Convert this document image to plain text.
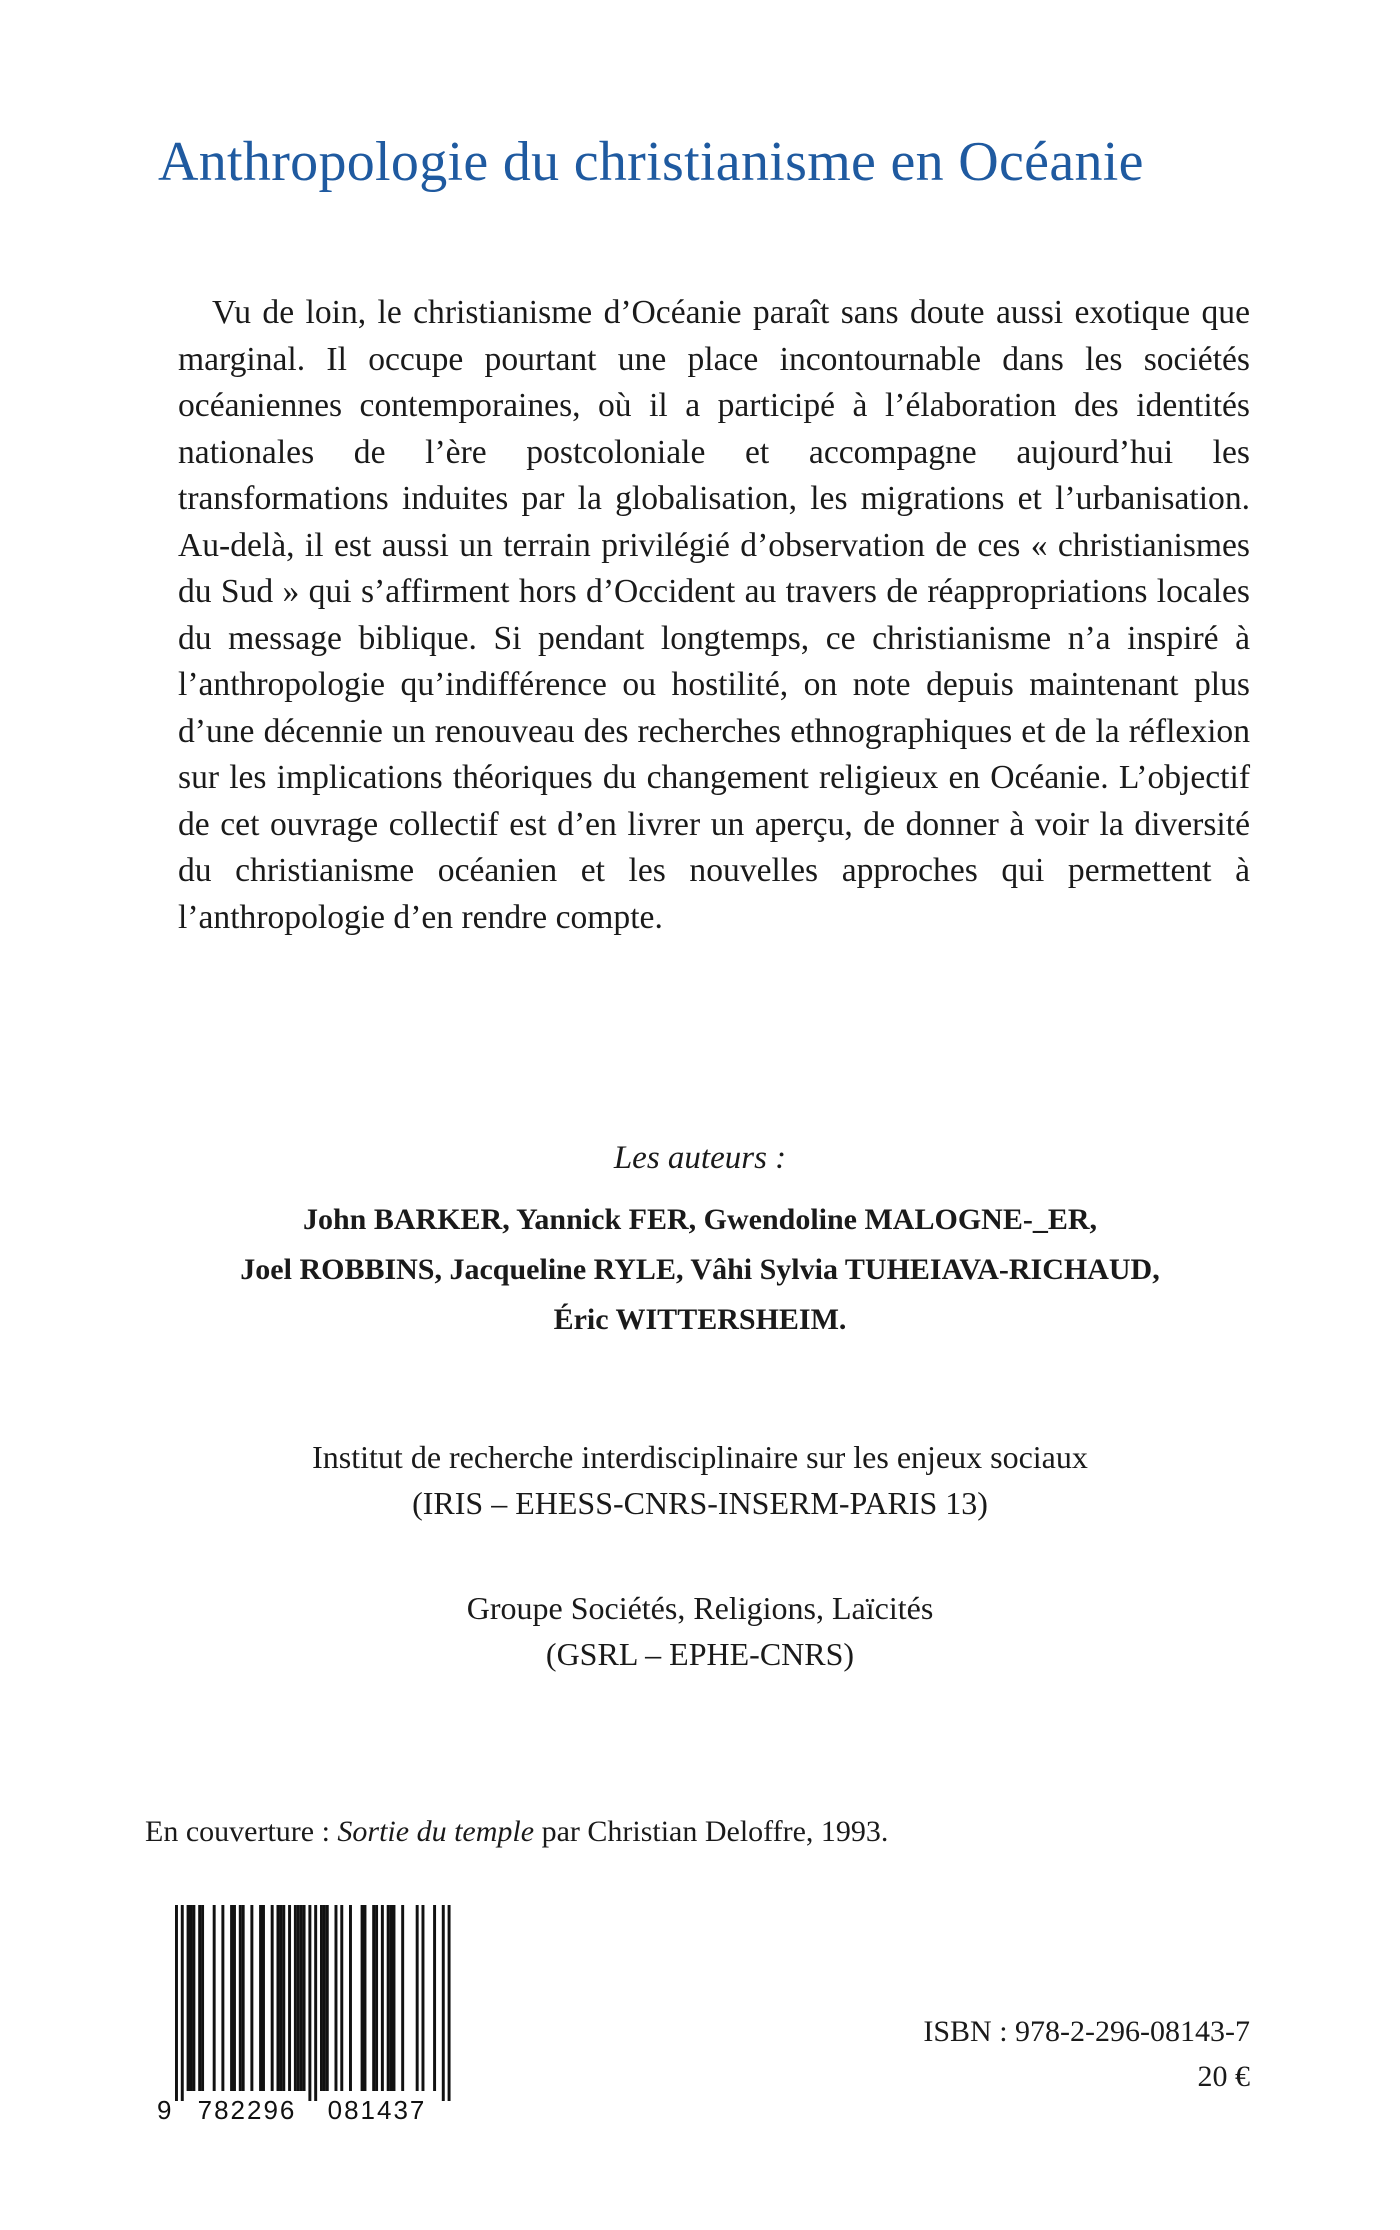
Anthropologie du christianisme en Océanie

Vu de loin, le christianisme d’Océanie paraît sans doute aussi exotique que marginal. Il occupe pourtant une place incontournable dans les sociétés océaniennes contemporaines, où il a participé à l’élaboration des identités nationales de l’ère postcoloniale et accompagne aujourd’hui les transformations induites par la globalisation, les migrations et l’urbanisation. Au-delà, il est aussi un terrain privilégié d’observation de ces « christianismes du Sud » qui s’affirment hors d’Occident au travers de réappropriations locales du message biblique. Si pendant longtemps, ce christianisme n’a inspiré à l’anthropologie qu’indifférence ou hostilité, on note depuis maintenant plus d’une décennie un renouveau des recherches ethnographiques et de la réflexion sur les implications théoriques du changement religieux en Océanie. L’objectif de cet ouvrage collectif est d’en livrer un aperçu, de donner à voir la diversité du christianisme océanien et les nouvelles approches qui permettent à l’anthropologie d’en rendre compte.

Les auteurs :

John BARKER, Yannick FER, Gwendoline MALOGNE-_ER,
Joel ROBBINS, Jacqueline RYLE, Vâhi Sylvia TUHEIAVA-RICHAUD,
Éric WITTERSHEIM.
Institut de recherche interdisciplinaire sur les enjeux sociaux
(IRIS – EHESS-CNRS-INSERM-PARIS 13)
Groupe Sociétés, Religions, Laïcités
(GSRL – EPHE-CNRS)

En couverture : Sortie du temple par Christian Deloffre, 1993.

9 782296 081437

ISBN : 978-2-296-08143-7

20 €
